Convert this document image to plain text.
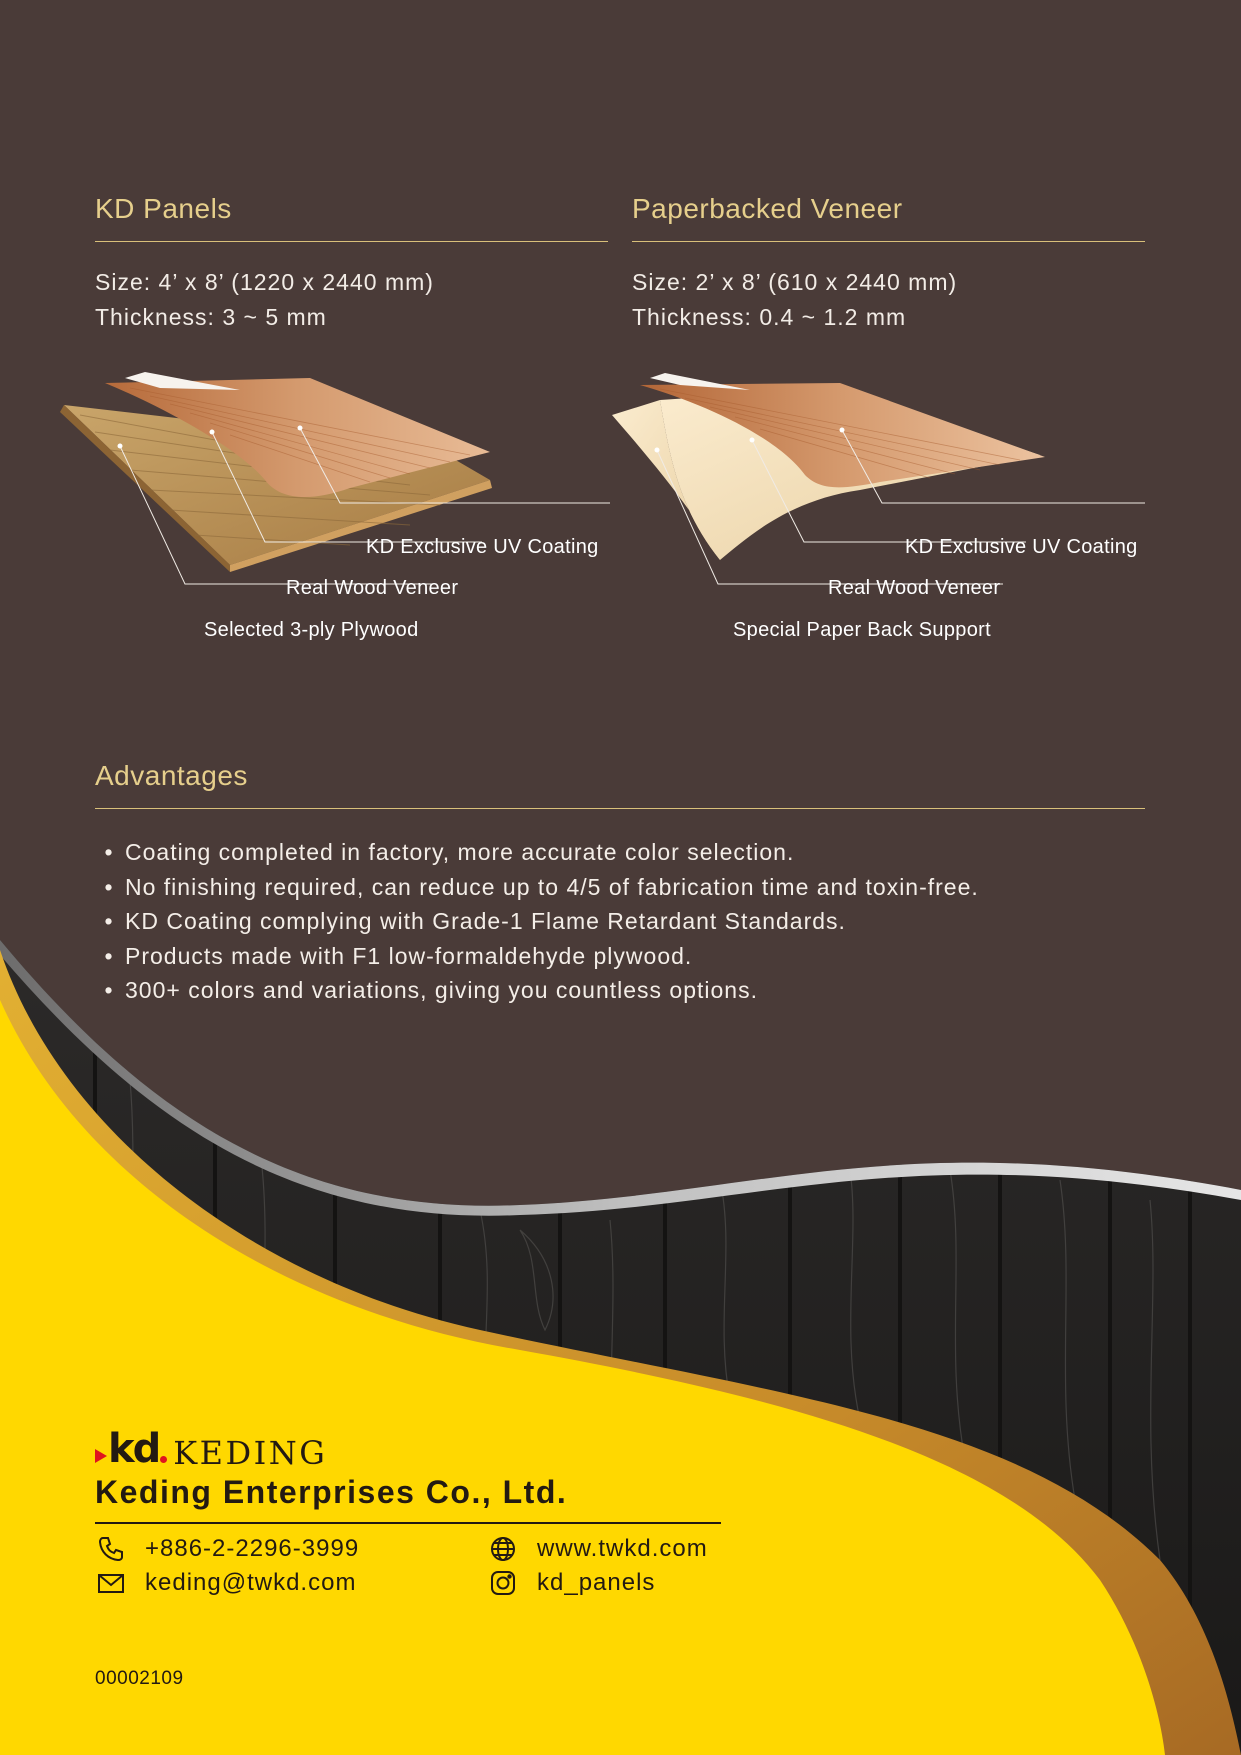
KD Panels
Size: 4’ x 8’ (1220 x 2440 mm)
Thickness: 3 ~ 5 mm
KD Exclusive UV Coating
Real Wood Veneer
Selected 3-ply Plywood
Paperbacked Veneer
Size: 2’ x 8’ (610 x 2440 mm)
Thickness: 0.4 ~ 1.2 mm
KD Exclusive UV Coating
Real Wood Veneer
Special Paper Back Support
Advantages
• Coating completed in factory, more accurate color selection.
• No finishing required, can reduce up to 4/5 of fabrication time and toxin-free.
• KD Coating complying with Grade-1 Flame Retardant Standards.
• Products made with F1 low-formaldehyde plywood.
• 300+ colors and variations, giving you countless options.
kd KEDING
Keding Enterprises Co., Ltd.
+886-2-2296-3999
keding@twkd.com
www.twkd.com
kd_panels
00002109
